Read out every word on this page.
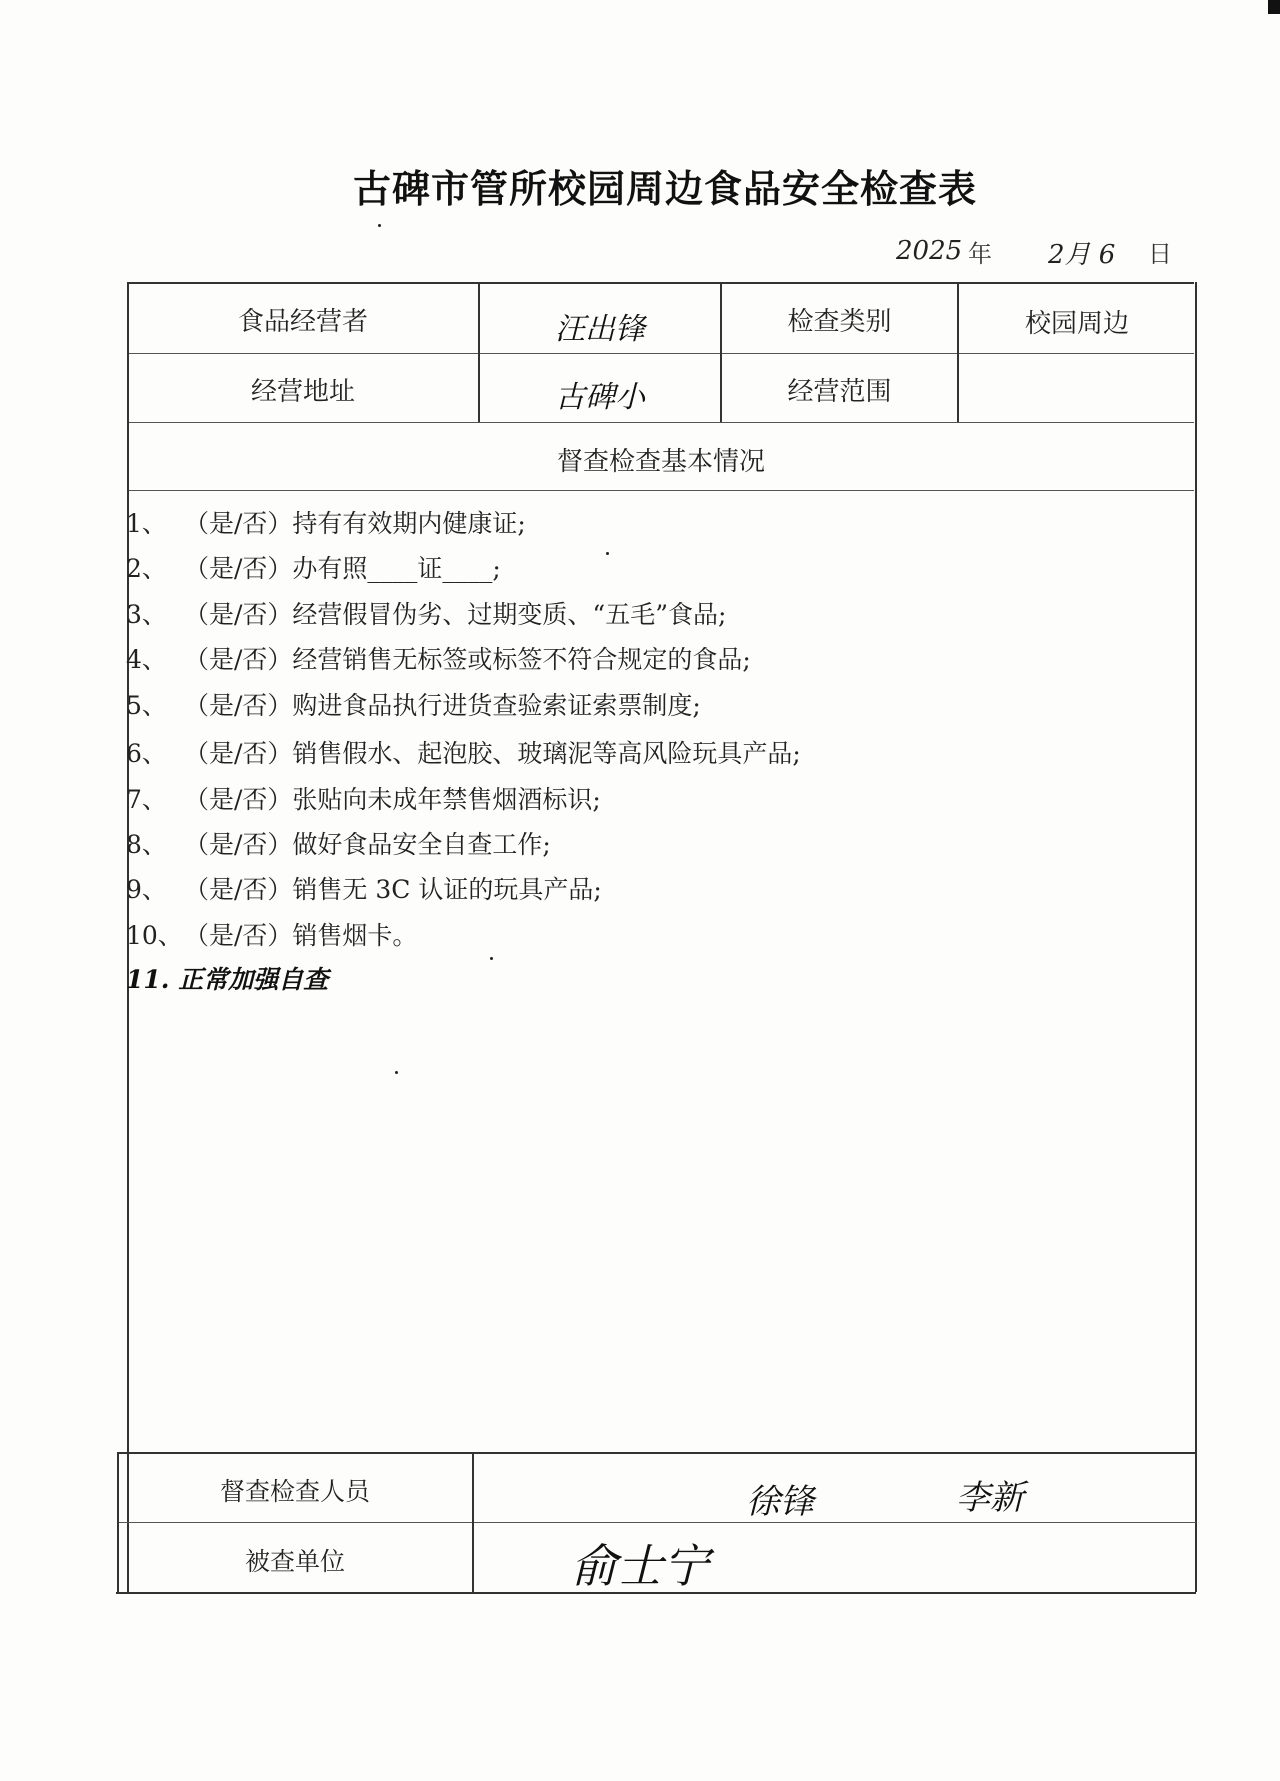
古碑市管所校园周边食品安全检查表
2025 年 2月 6 日
食品经营者	汪出锋	检查类别	校园周边
经营地址	古碑小	经营范围
督查检查基本情况
1、 （是/否）持有有效期内健康证;
2、 （是/否）办有照____证____;
3、 （是/否）经营假冒伪劣、过期变质、“五毛”食品;
4、 （是/否）经营销售无标签或标签不符合规定的食品;
5、 （是/否）购进食品执行进货查验索证索票制度;
6、 （是/否）销售假水、起泡胶、玻璃泥等高风险玩具产品;
7、 （是/否）张贴向未成年禁售烟酒标识;
8、 （是/否）做好食品安全自查工作;
9、 （是/否）销售无 3C 认证的玩具产品;
10、（是/否）销售烟卡。
11. 正常加强自查
督查检查人员	徐锋	李新
被查单位	俞士宁
